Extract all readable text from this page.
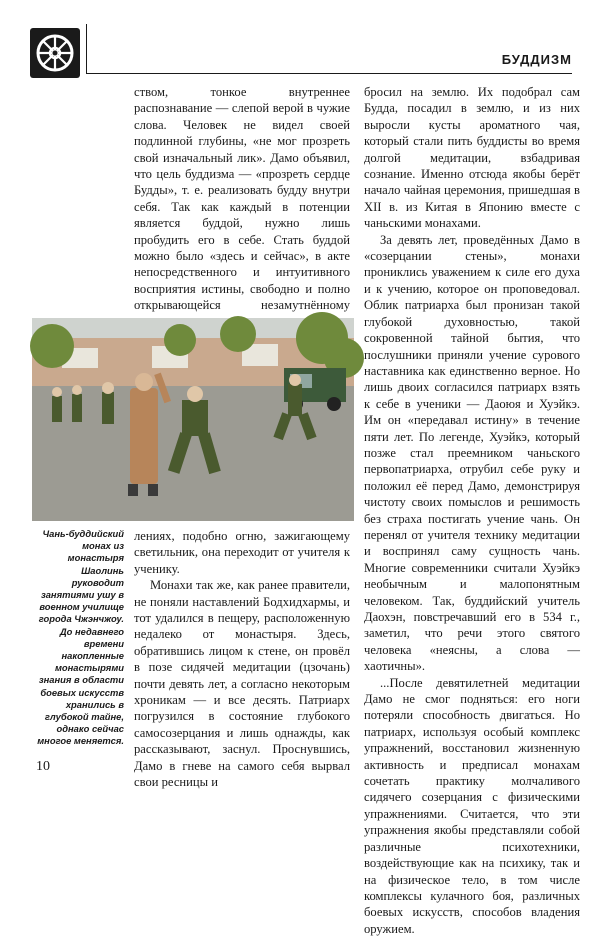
БУДДИЗМ

ством, тонкое внутреннее распознавание — слепой верой в чужие слова. Человек не видел своей подлинной глубины, «не мог прозреть свой изначальный лик». Дамо объявил, что цель буддизма — «прозреть сердце Будды», т. е. реализовать будду внутри себя. Так как каждый в потенции является буддой, нужно лишь пробудить его в себе. Стать буддой можно было «здесь и сейчас», в акте непосредственного и интуитивного восприятия истины, свободно и полно открывающейся незамутнённому

Чань-буддийский монах из монастыря Шаолинь руководит занятиями ушу в военном училище города Чжэнчжоу. До недавнего времени накопленные монастырями знания в области боевых искусств хранились в глубокой тайне, однако сейчас многое меняется.

лениях, подобно огню, зажигающему светильник, она переходит от учителя к ученику.

Монахи так же, как ранее правители, не поняли наставлений Бодхидхармы, и тот удалился в пещеру, расположенную недалеко от монастыря. Здесь, обратившись лицом к стене, он провёл в позе сидячей медитации (цзочань) почти девять лет, а согласно некоторым хроникам — и все десять. Патриарх погрузился в состояние глубокого самосозерцания и лишь однажды, как рассказывают, заснул. Проснувшись, Дамо в гневе на самого себя вырвал свои ресницы и

бросил на землю. Их подобрал сам Будда, посадил в землю, и из них выросли кусты ароматного чая, который стали пить буддисты во время долгой медитации, взбадривая сознание. Именно отсюда якобы берёт начало чайная церемония, пришедшая в XII в. из Китая в Японию вместе с чаньскими монахами.

За девять лет, проведённых Дамо в «созерцании стены», монахи прониклись уважением к силе его духа и к учению, которое он проповедовал. Облик патриарха был пронизан такой глубокой духовностью, такой сокровенной тайной бытия, что послушники приняли учение сурового наставника как единственно верное. Но лишь двоих согласился патриарх взять к себе в ученики — Даоюя и Хуэйкэ. Им он «передавал истину» в течение пяти лет. По легенде, Хуэйкэ, который позже стал преемником чаньского первопатриарха, отрубил себе руку и положил её перед Дамо, демонстрируя чистоту своих помыслов и решимость без страха постигать учение чань. Он перенял от учителя технику медитации и воспринял саму сущность чань. Многие современники считали Хуэйкэ необычным и малопонятным человеком. Так, буддийский учитель Даохэн, повстречавший его в 534 г., заметил, что речи этого святого человека «неясны, а слова — хаотичны».

...После девятилетней медитации Дамо не смог подняться: его ноги потеряли способность двигаться. Но патриарх, используя особый комплекс упражнений, восстановил жизненную активность и предписал монахам сочетать практику молчаливого сидячего созерцания с физическими упражнениями. Считается, что эти упражнения якобы представляли собой различные психотехники, воздействующие как на психику, так и на физическое тело, в том числе комплексы кулачного боя, различных боевых искусств, способов владения оружием.

10
